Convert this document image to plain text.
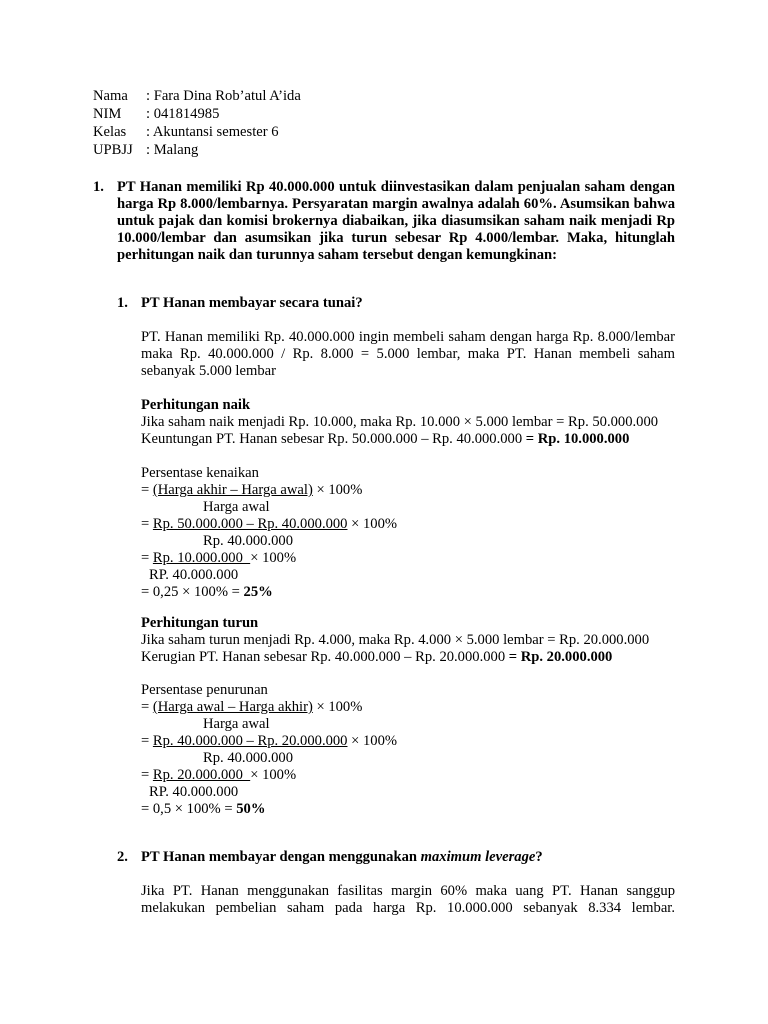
Nama : Fara Dina Rob’atul A’ida
NIM : 041814985
Kelas : Akuntansi semester 6
UPBJJ : Malang
1. PT Hanan memiliki Rp 40.000.000 untuk diinvestasikan dalam penjualan saham dengan harga Rp 8.000/lembarnya. Persyaratan margin awalnya adalah 60%. Asumsikan bahwa untuk pajak dan komisi brokernya diabaikan, jika diasumsikan saham naik menjadi Rp 10.000/lembar dan asumsikan jika turun sebesar Rp 4.000/lembar. Maka, hitunglah perhitungan naik dan turunnya saham tersebut dengan kemungkinan:
1. PT Hanan membayar secara tunai?
PT. Hanan memiliki Rp. 40.000.000 ingin membeli saham dengan harga Rp. 8.000/lembar maka Rp. 40.000.000 / Rp. 8.000 = 5.000 lembar, maka PT. Hanan membeli saham sebanyak 5.000 lembar
Perhitungan naik
Jika saham naik menjadi Rp. 10.000, maka Rp. 10.000 × 5.000 lembar = Rp. 50.000.000
Keuntungan PT. Hanan sebesar Rp. 50.000.000 – Rp. 40.000.000 = Rp. 10.000.000
Persentase kenaikan
= (Harga akhir – Harga awal) × 100%
Harga awal
= Rp. 50.000.000 – Rp. 40.000.000 × 100%
Rp. 40.000.000
= Rp. 10.000.000  × 100%
RP. 40.000.000
= 0,25 × 100% = 25%
Perhitungan turun
Jika saham turun menjadi Rp. 4.000, maka Rp. 4.000 × 5.000 lembar = Rp. 20.000.000
Kerugian PT. Hanan sebesar Rp. 40.000.000 – Rp. 20.000.000 = Rp. 20.000.000
Persentase penurunan
= (Harga awal – Harga akhir) × 100%
Harga awal
= Rp. 40.000.000 – Rp. 20.000.000 × 100%
Rp. 40.000.000
= Rp. 20.000.000  × 100%
RP. 40.000.000
= 0,5 × 100% = 50%
2. PT Hanan membayar dengan menggunakan maximum leverage?
Jika PT. Hanan menggunakan fasilitas margin 60% maka uang PT. Hanan sanggup
melakukan pembelian saham pada harga Rp. 10.000.000 sebanyak 8.334 lembar.
